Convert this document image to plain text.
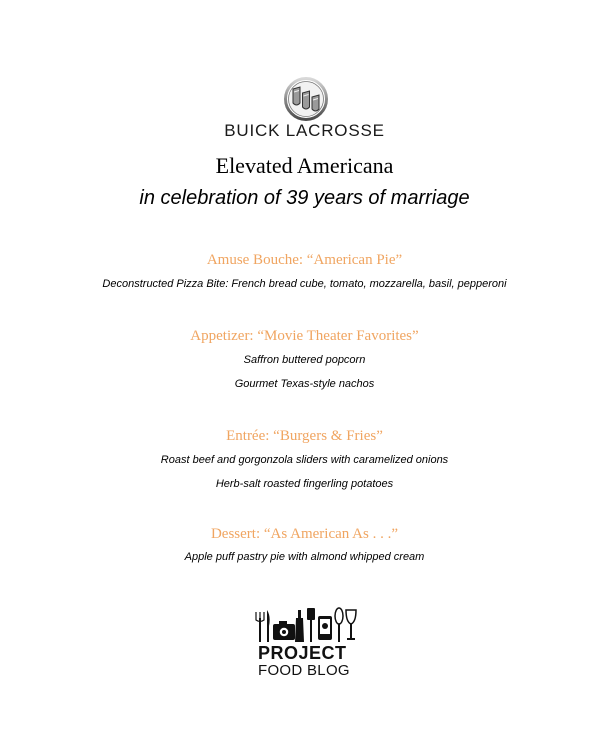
BUICK LACROSSE
Elevated Americana
in celebration of 39 years of marriage
Amuse Bouche: “American Pie”
Deconstructed Pizza Bite: French bread cube, tomato, mozzarella, basil, pepperoni
Appetizer: “Movie Theater Favorites”
Saffron buttered popcorn
Gourmet Texas-style nachos
Entrée: “Burgers & Fries”
Roast beef and gorgonzola sliders with caramelized onions
Herb-salt roasted fingerling potatoes
Dessert: “As American As . . .”
Apple puff pastry pie with almond whipped cream
PROJECT
FOOD BLOG
